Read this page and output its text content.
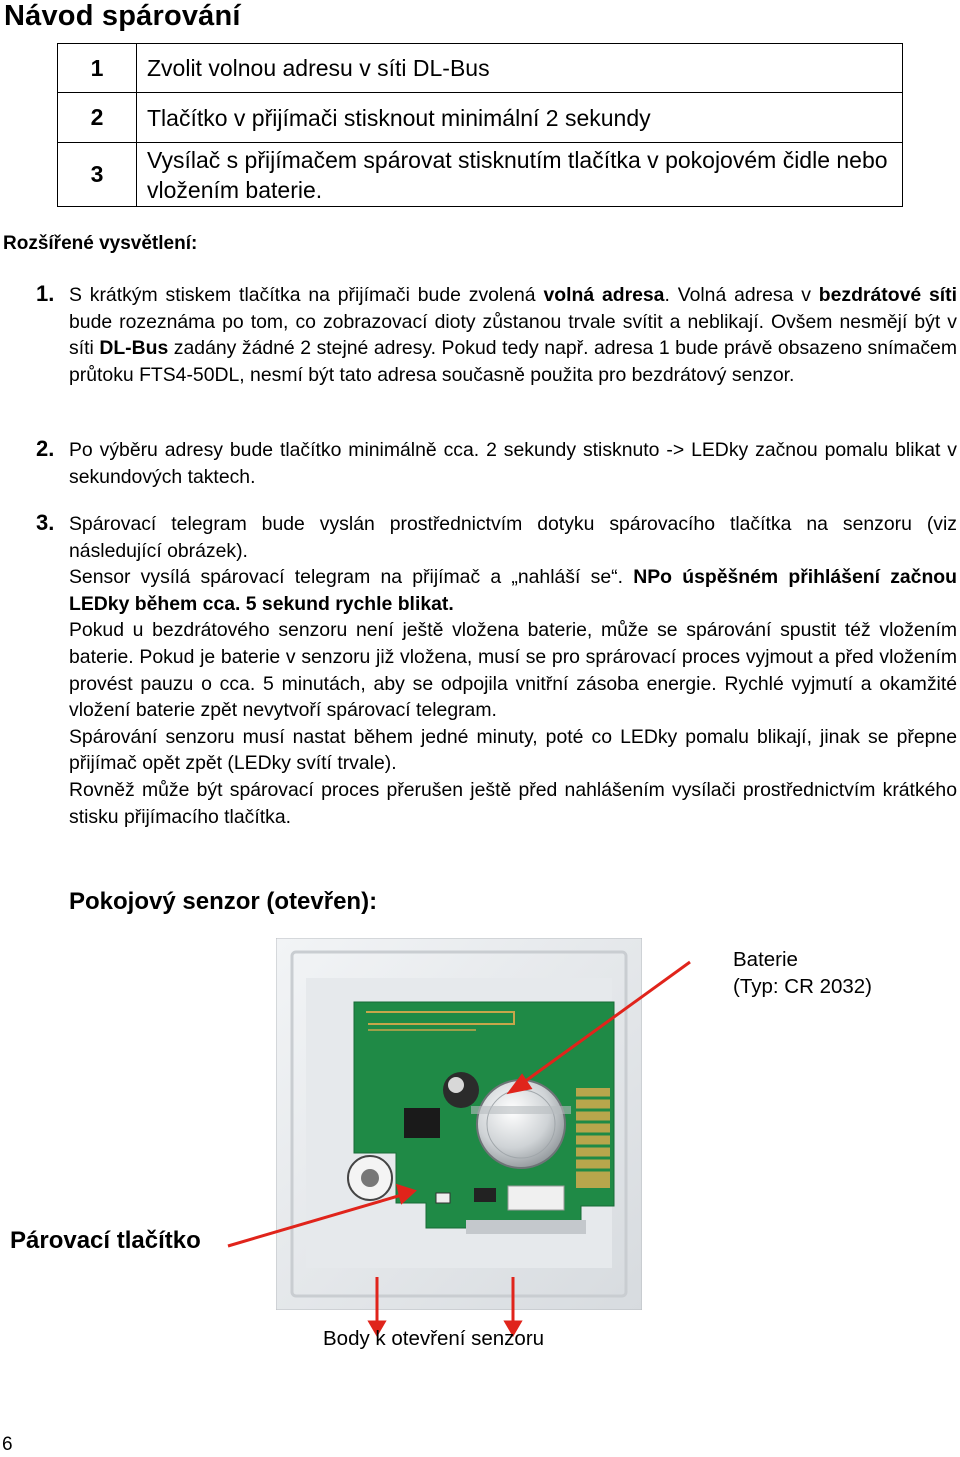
Návod spárování
1	Zvolit volnou adresu v síti DL-Bus
2	Tlačítko v přijímači stisknout minimální 2 sekundy
3	Vysílač s přijímačem spárovat stisknutím tlačítka v pokojovém čidle nebo vložením baterie.
Rozšířené vysvětlení:
1. S krátkým stiskem tlačítka na přijímači bude zvolená volná adresa. Volná adresa v bezdrátové síti bude rozeznáma po tom, co zobrazovací dioty zůstanou trvale svítit a neblikají. Ovšem nesmějí být v síti DL-Bus zadány žádné 2 stejné adresy. Pokud tedy např. adresa 1 bude právě obsazeno snímačem průtoku FTS4-50DL, nesmí být tato adresa současně použita pro bezdrátový senzor.
2. Po výběru adresy bude tlačítko minimálně cca. 2 sekundy stisknuto -> LEDky začnou pomalu blikat v sekundových taktech.
3. Spárovací telegram bude vyslán prostřednictvím dotyku spárovacího tlačítka na senzoru (viz následující obrázek).
Sensor vysílá spárovací telegram na přijímač a „nahláší se“. NPo úspěšném přihlášení začnou LEDky během cca. 5 sekund rychle blikat.
Pokud u bezdrátového senzoru není ještě vložena baterie, může se spárování spustit též vložením baterie. Pokud je baterie v senzoru již vložena, musí se pro sprárovací proces vyjmout a před vložením provést pauzu o cca. 5 minutách, aby se odpojila vnitřní zásoba energie. Rychlé vyjmutí a okamžité vložení baterie zpět nevytvoří spárovací telegram.
Spárování senzoru musí nastat během jedné minuty, poté co LEDky pomalu blikají, jinak se přepne přijímač opět zpět (LEDky svítí trvale).
Rovněž může být spárovací proces přerušen ještě před nahlášením vysílači prostřednictvím krátkého stisku přijímacího tlačítka.
Pokojový senzor (otevřen):
Baterie
(Typ: CR 2032)
Párovací tlačítko
Body k otevření senzoru
6
